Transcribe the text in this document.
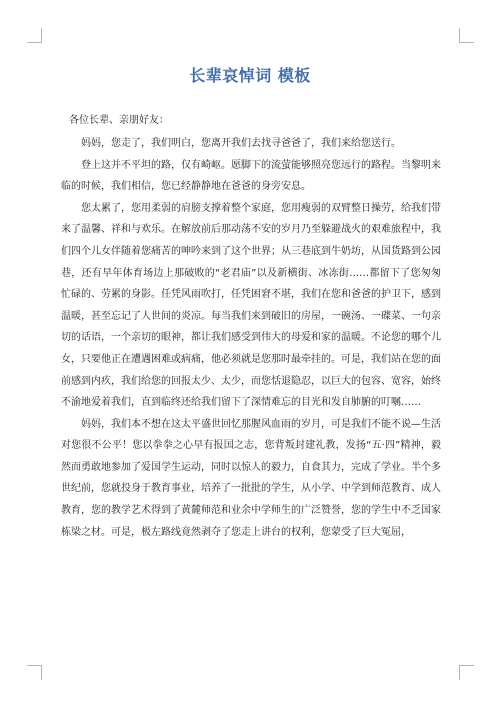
长辈哀悼词 模板

各位长辈、亲朋好友：

妈妈，您走了，我们明白，您离开我们去找寻爸爸了，我们来给您送行。

登上这并不平坦的路，仅有崎岖。愿脚下的流萤能够照亮您远行的路程。当黎明来临的时候，我们相信，您已经静静地在爸爸的身旁安息。

您太累了，您用柔弱的肩膀支撑着整个家庭，您用瘦弱的双臂整日操劳，给我们带来了温馨、祥和与欢乐。在解放前后那动荡不安的岁月乃至躲避战火的艰难旅程中，我们四个儿女伴随着您痛苦的呻吟来到了这个世界；从三巷底到牛奶坊，从国货路到公园巷，还有早年体育场边上那破败的“老君庙”以及新横街、冰冻街……都留下了您匆匆忙碌的、劳累的身影。任凭风雨吹打，任凭困窘不堪，我们在您和爸爸的护卫下，感到温暖，甚至忘记了人世间的炎凉。每当我们来到破旧的房屋，一碗汤、一碟菜、一句亲切的话语，一个亲切的眼神，都让我们感受到伟大的母爱和家的温暖。不论您的哪个儿女，只要他正在遭遇困难或病痛，他必须就是您那时最牵挂的。可是，我们站在您的面前感到内疚，我们给您的回报太少、太少，而您恬退隐忍，以巨大的包容、宽容，始终不渝地爱着我们，直到临终还给我们留下了深情难忘的目光和发自肺腑的叮嘱……

妈妈，我们本不想在这太平盛世回忆那腥风血雨的岁月，可是我们不能不说—生活对您很不公平！您以拳拳之心早有报国之志，您背叛封建礼教，发扬“五·四”精神，毅然而勇敢地参加了爱国学生运动，同时以惊人的毅力，自食其力，完成了学业。半个多世纪前，您就投身于教育事业，培养了一批批的学生，从小学、中学到师范教育、成人教育，您的教学艺术得到了黄麓师范和业余中学师生的广泛赞誉，您的学生中不乏国家栋梁之材。可是，极左路线竟然剥夺了您走上讲台的权利，您蒙受了巨大冤屈，
